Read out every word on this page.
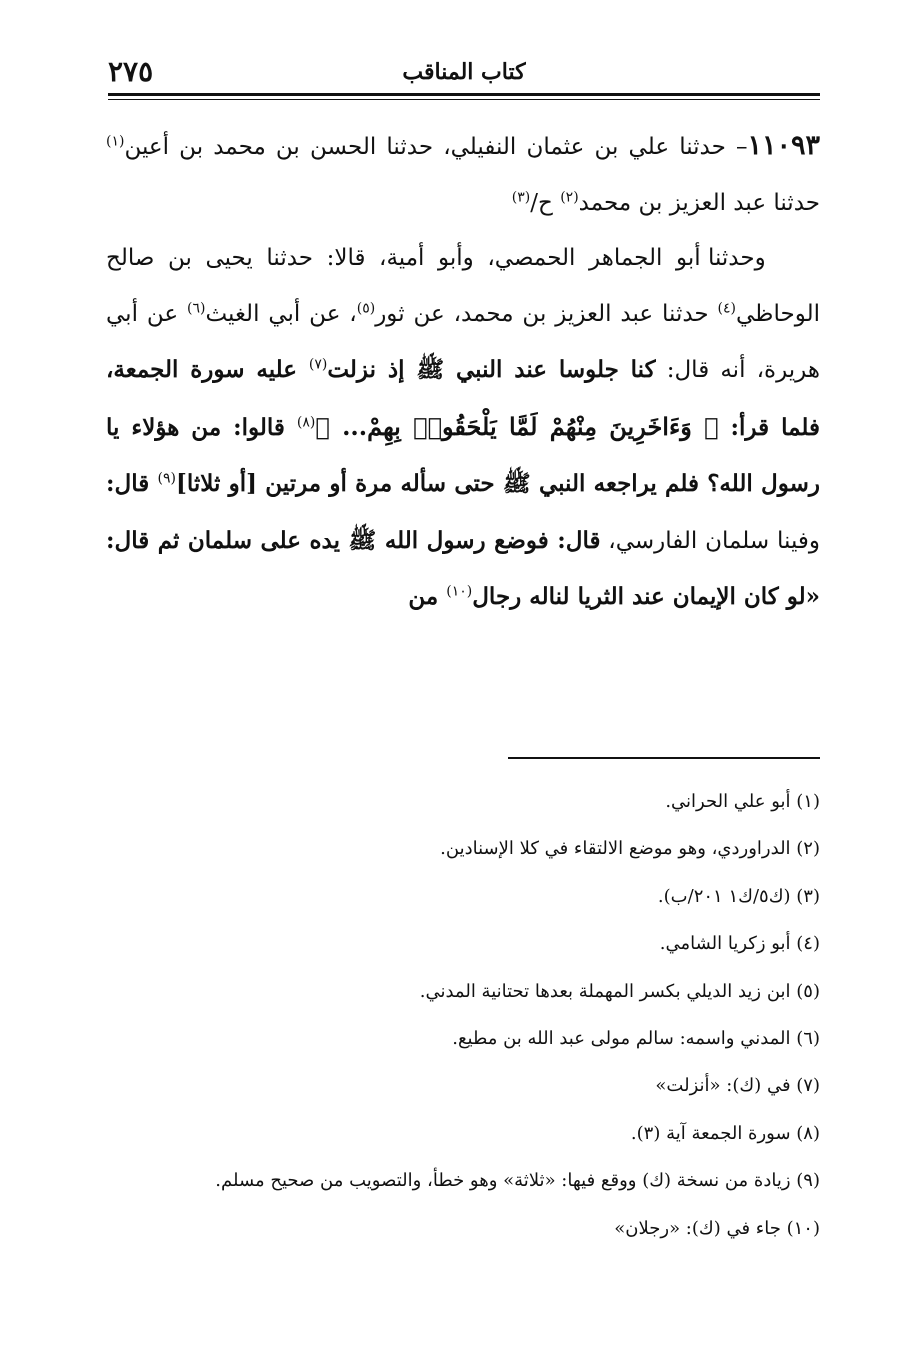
كتاب المناقب
٢٧٥

١١٠٩٣– حدثنا علي بن عثمان النفيلي، حدثنا الحسن بن محمد بن أعين$^{(١)}$ حدثنا عبد العزيز بن محمد$^{(٢)}$ ح/$^{(٣)}$

وحدثنا أبو الجماهر الحمصي، وأبو أمية، قالا: حدثنا يحيى بن صالح الوحاظي$^{(٤)}$ حدثنا عبد العزيز بن محمد، عن ثور$^{(٥)}$، عن أبي الغيث$^{(٦)}$ عن أبي هريرة، أنه قال: كنا جلوسا عند النبي ﷺ إذ نزلت$^{(٧)}$ عليه سورة الجمعة، فلما قرأ: ﴿ وَءَاخَرِينَ مِنْهُمْ لَمَّا يَلْحَقُوا۟ بِهِمْ... ﴾$^{(٨)}$ قالوا: من هؤلاء يا رسول الله؟ فلم يراجعه النبي ﷺ حتى سأله مرة أو مرتين [أو ثلاثا]$^{(٩)}$ قال: وفينا سلمان الفارسي، قال: فوضع رسول الله ﷺ يده على سلمان ثم قال: «لو كان الإيمان عند الثريا لناله رجال$^{(١٠)}$ من

(١) أبو علي الحراني.
(٢) الدراوردي، وهو موضع الالتقاء في كلا الإسنادين.
(٣) (ك٥/ك١ ٢٠١/ب).
(٤) أبو زكريا الشامي.
(٥) ابن زيد الديلي بكسر المهملة بعدها تحتانية المدني.
(٦) المدني واسمه: سالم مولى عبد الله بن مطيع.
(٧) في (ك): «أنزلت»
(٨) سورة الجمعة آية (٣).
(٩) زيادة من نسخة (ك) ووقع فيها: «ثلاثة» وهو خطأ، والتصويب من صحيح مسلم.
(١٠) جاء في (ك): «رجلان»
